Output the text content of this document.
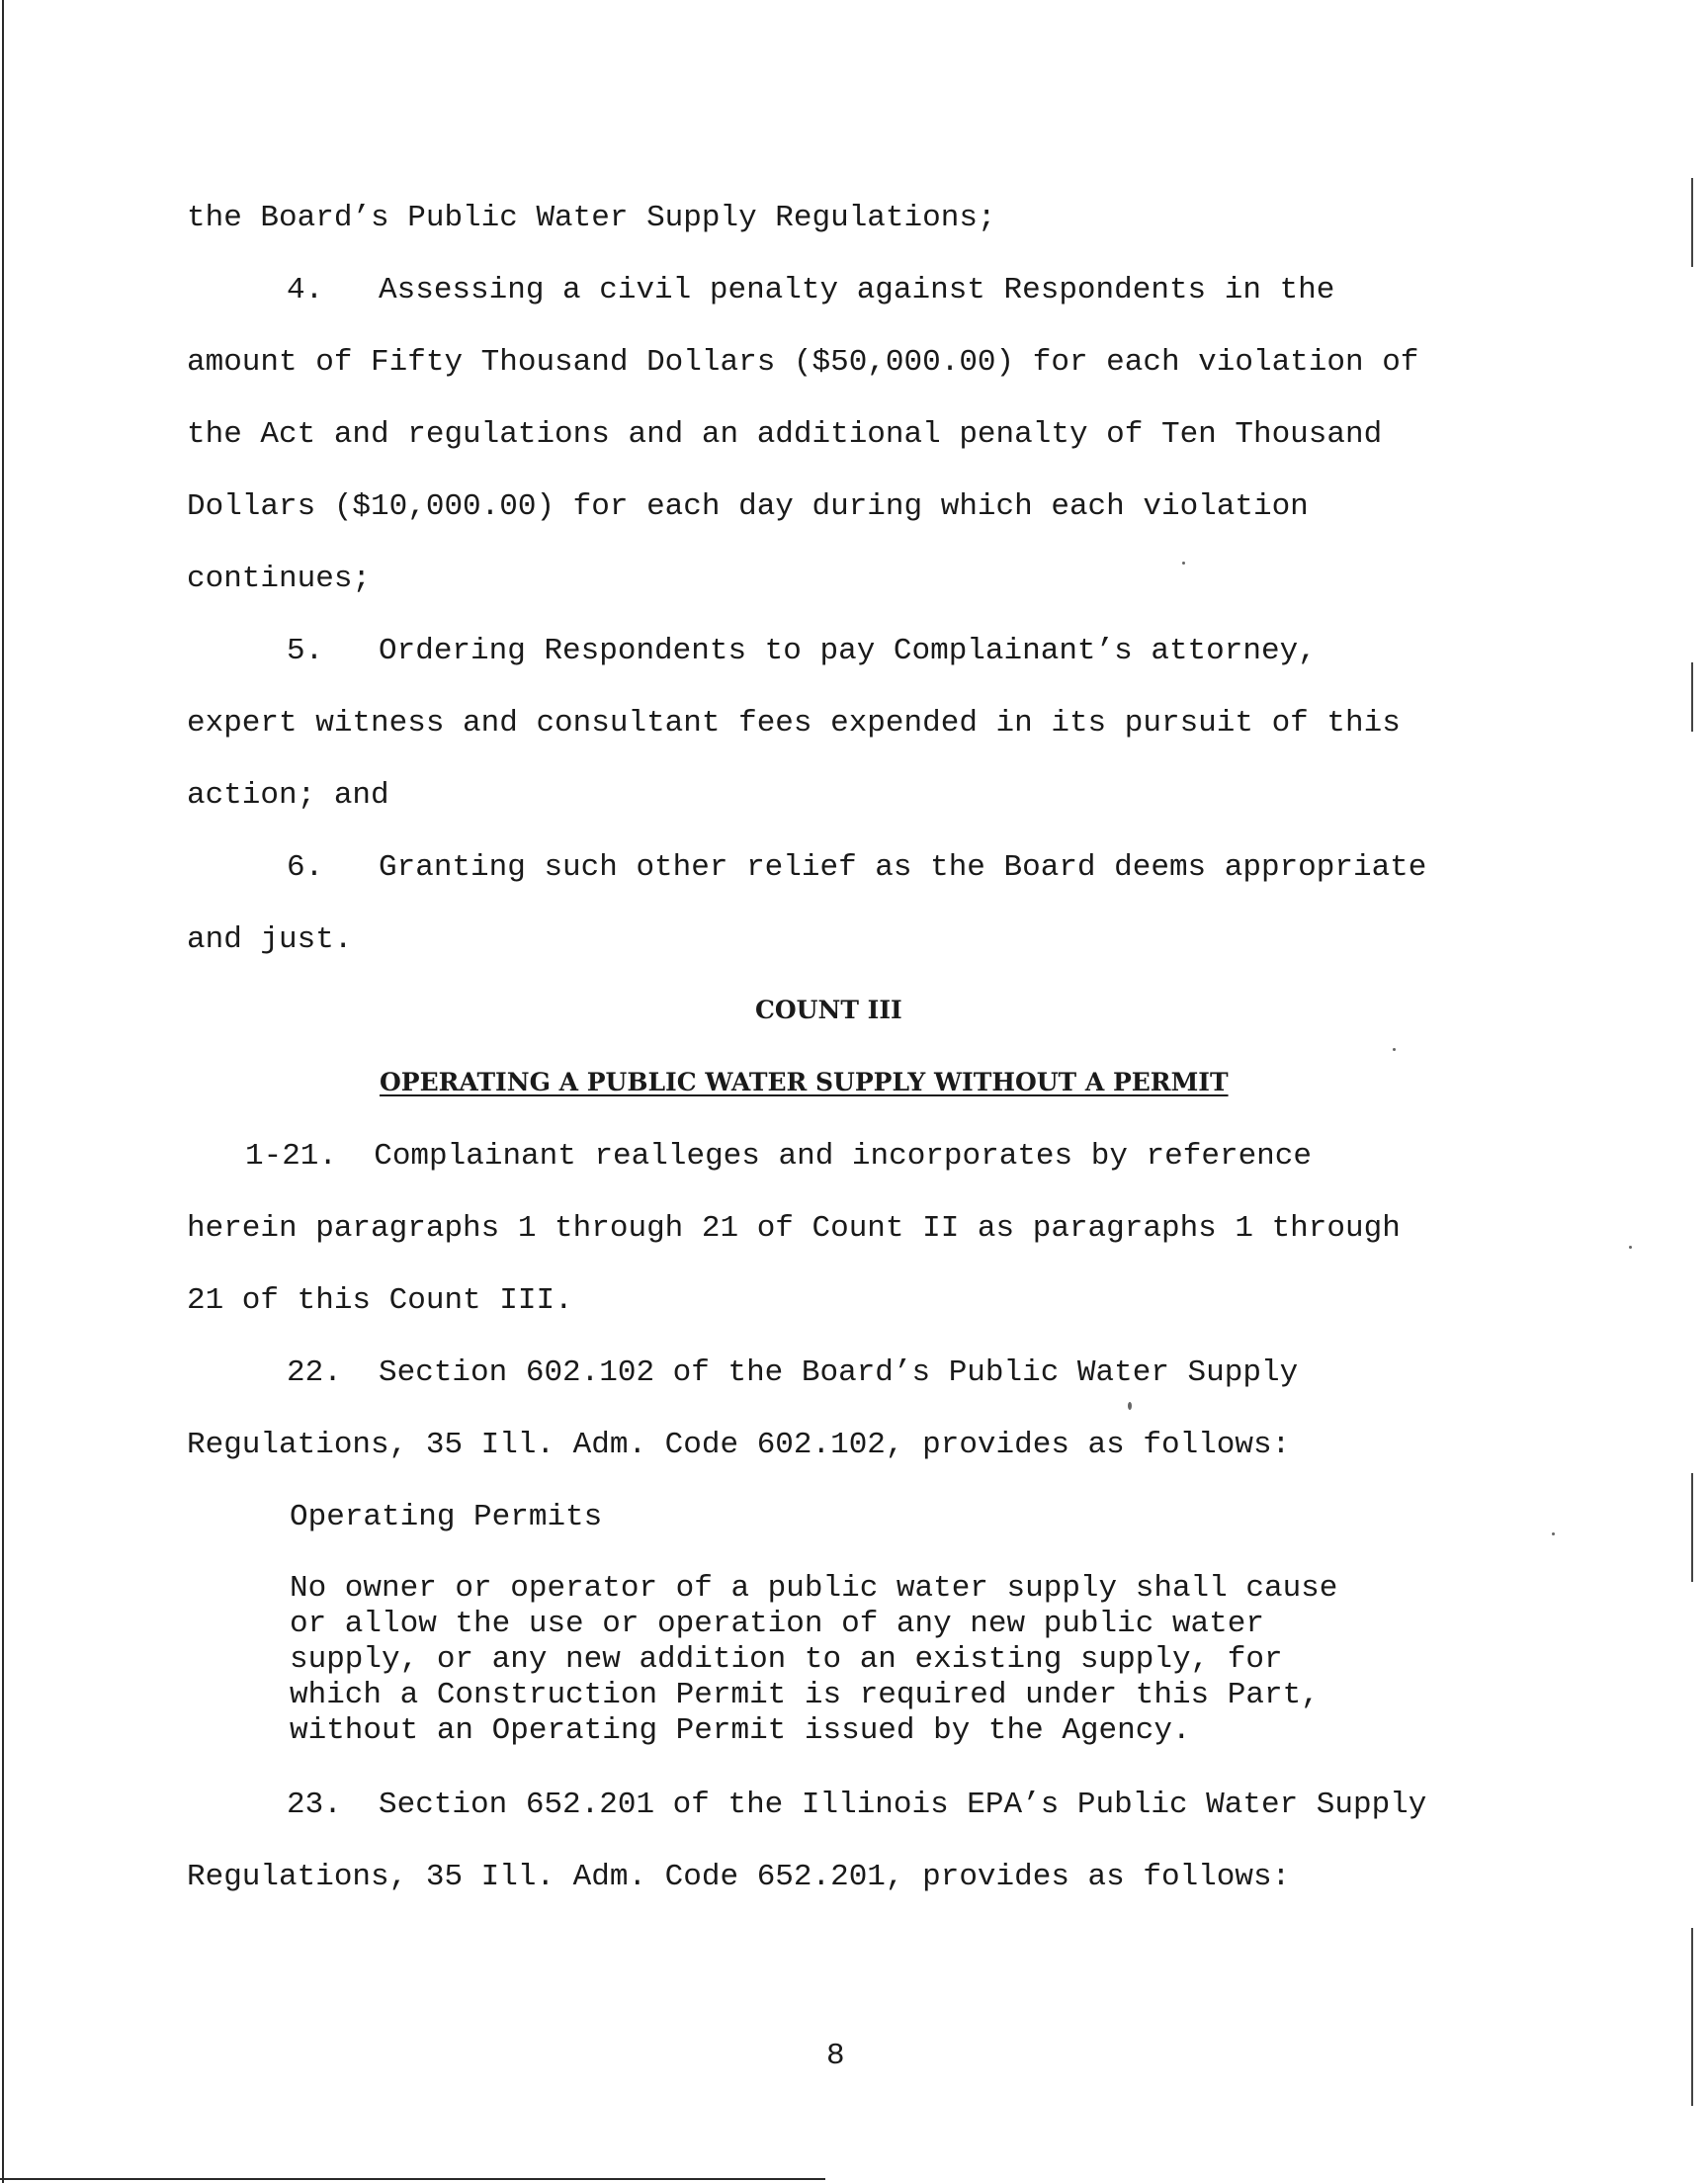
the Board’s Public Water Supply Regulations;
4.   Assessing a civil penalty against Respondents in the
amount of Fifty Thousand Dollars ($50,000.00) for each violation of
the Act and regulations and an additional penalty of Ten Thousand
Dollars ($10,000.00) for each day during which each violation
continues;
5.   Ordering Respondents to pay Complainant’s attorney,
expert witness and consultant fees expended in its pursuit of this
action; and
6.   Granting such other relief as the Board deems appropriate
and just.
COUNT III
OPERATING A PUBLIC WATER SUPPLY WITHOUT A PERMIT
1-21.  Complainant realleges and incorporates by reference
herein paragraphs 1 through 21 of Count II as paragraphs 1 through
21 of this Count III.
22.  Section 602.102 of the Board’s Public Water Supply
Regulations, 35 Ill. Adm. Code 602.102, provides as follows:
Operating Permits
No owner or operator of a public water supply shall cause
or allow the use or operation of any new public water
supply, or any new addition to an existing supply, for
which a Construction Permit is required under this Part,
without an Operating Permit issued by the Agency.
23.  Section 652.201 of the Illinois EPA’s Public Water Supply
Regulations, 35 Ill. Adm. Code 652.201, provides as follows:
8
